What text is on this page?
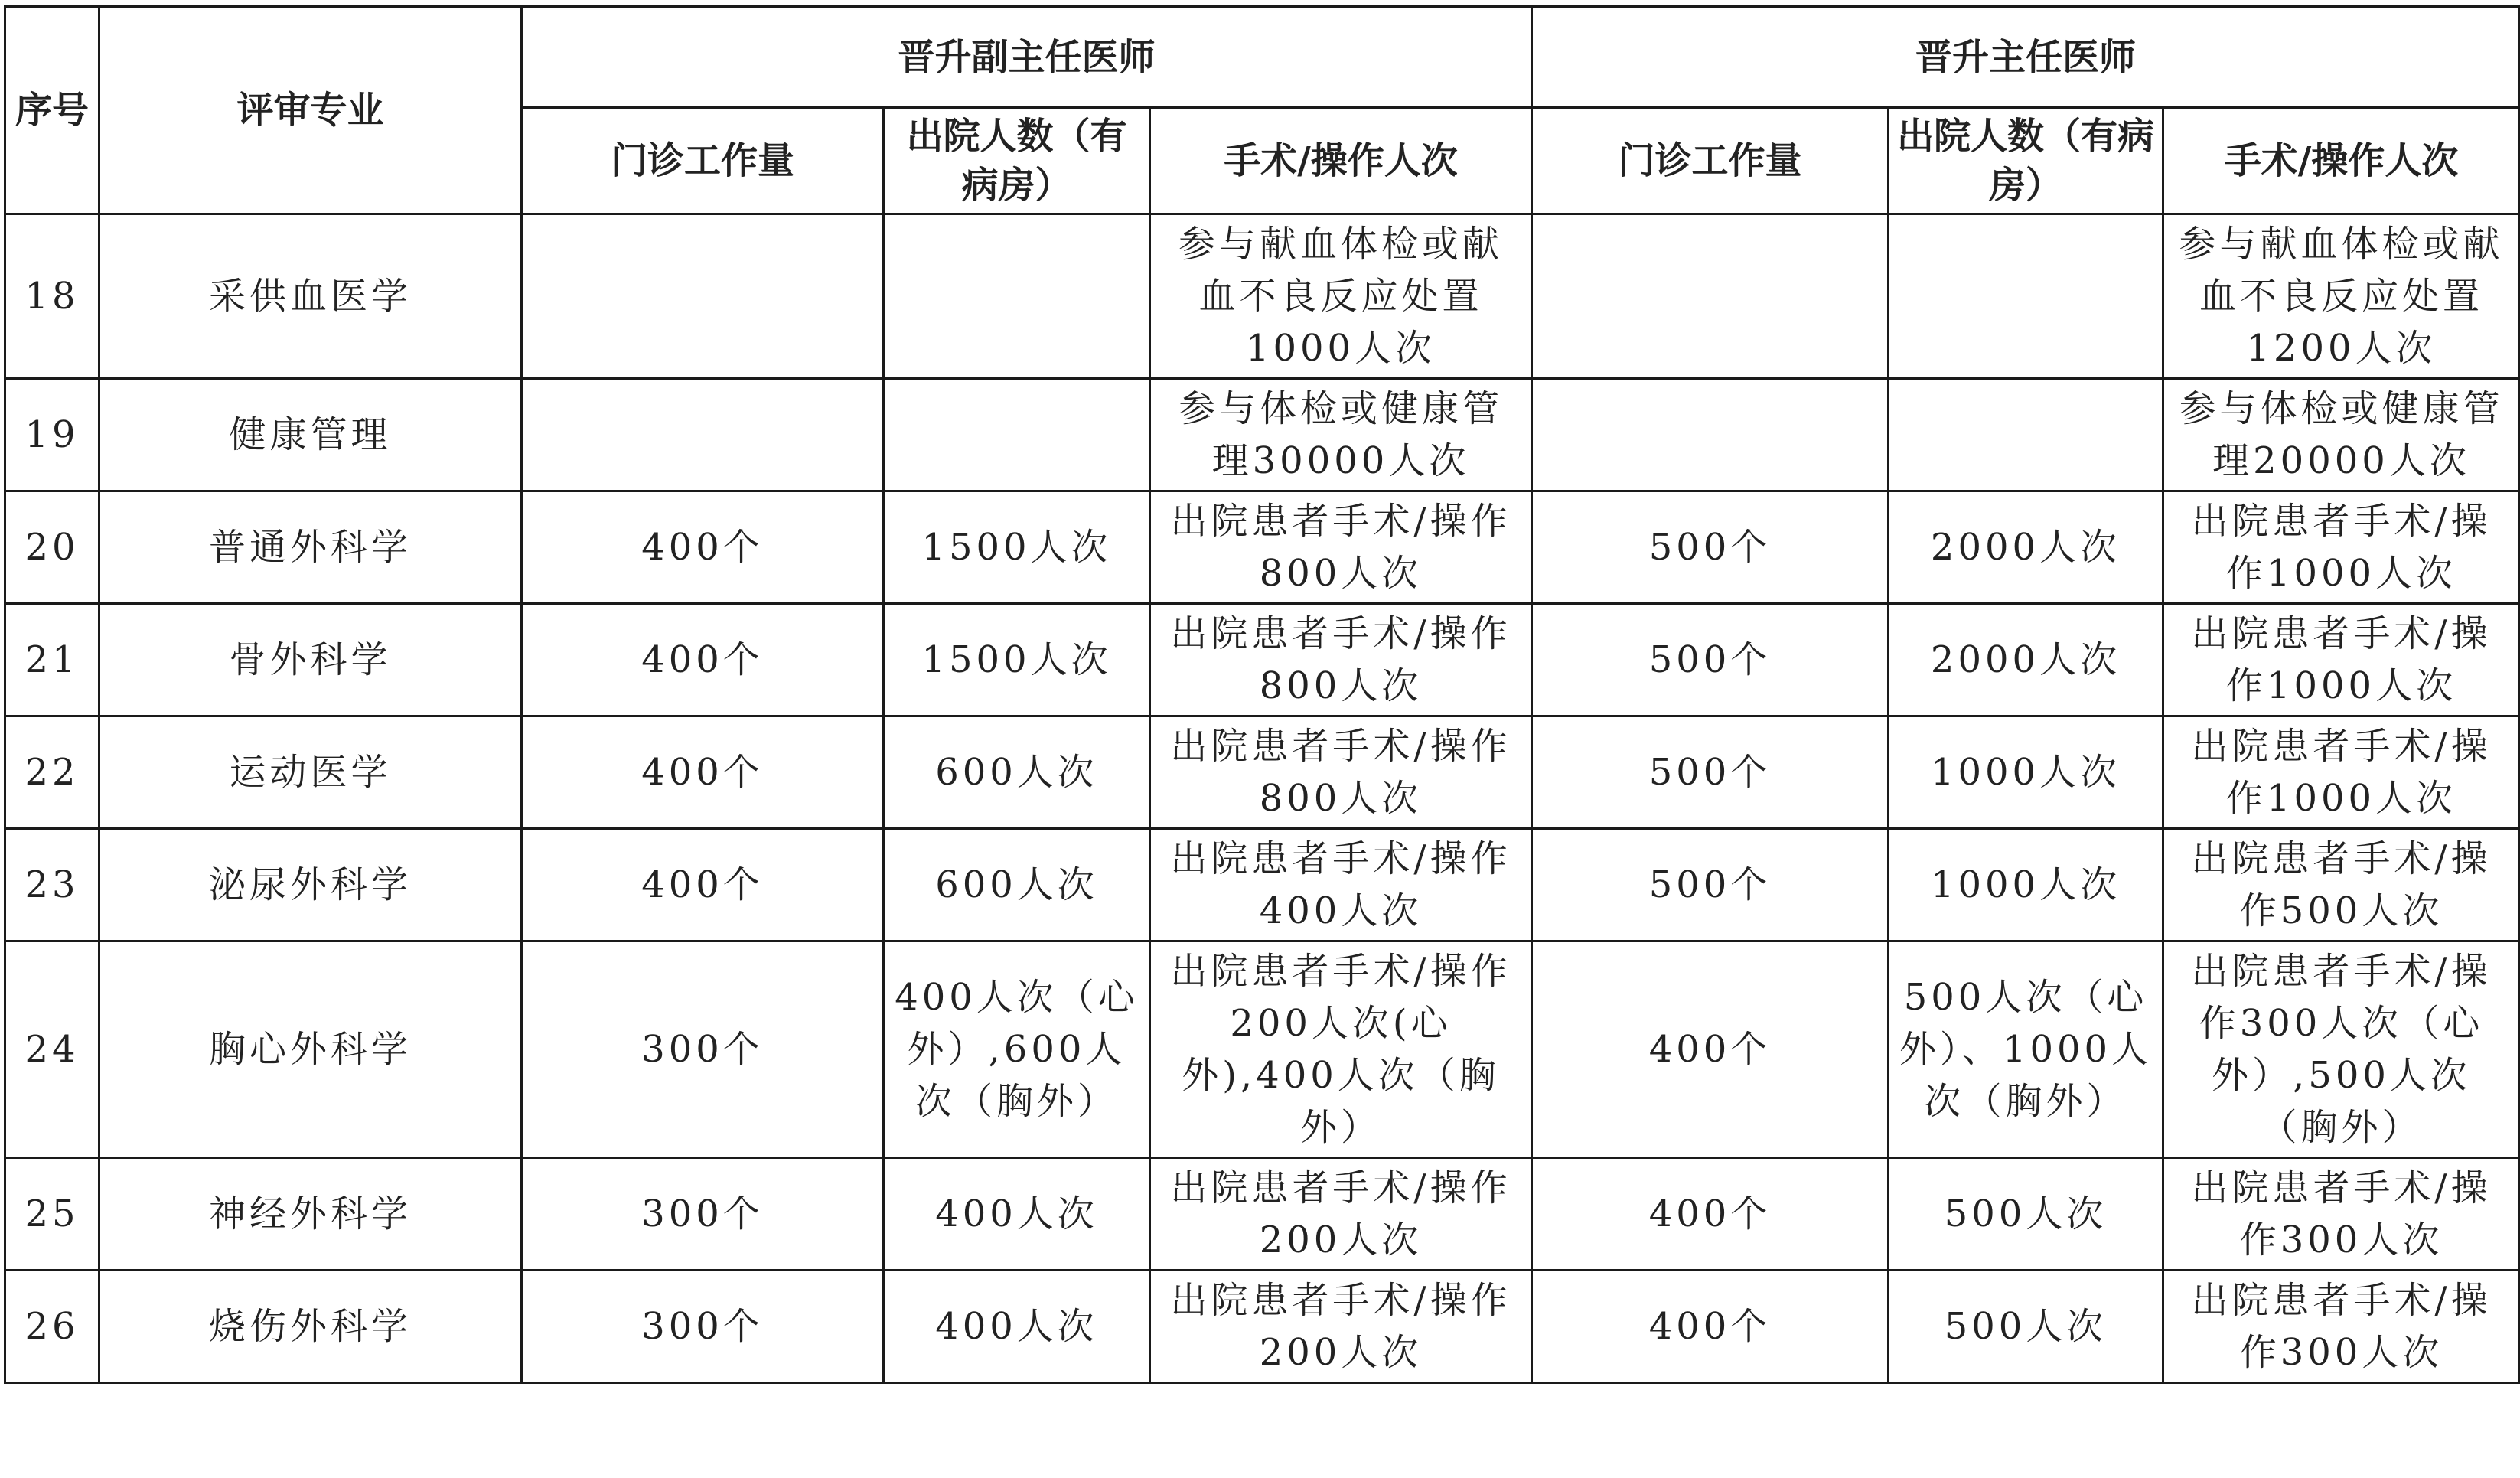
序号	评审专业	晋升副主任医师			晋升主任医师		
		门诊工作量	出院人数（有病房）	手术/操作人次	门诊工作量	出院人数（有病房）	手术/操作人次
18	采供血医学			参与献血体检或献血不良反应处置1000人次			参与献血体检或献血不良反应处置1200人次
19	健康管理			参与体检或健康管理30000人次			参与体检或健康管理20000人次
20	普通外科学	400个	1500人次	出院患者手术/操作800人次	500个	2000人次	出院患者手术/操作1000人次
21	骨外科学	400个	1500人次	出院患者手术/操作800人次	500个	2000人次	出院患者手术/操作1000人次
22	运动医学	400个	600人次	出院患者手术/操作800人次	500个	1000人次	出院患者手术/操作1000人次
23	泌尿外科学	400个	600人次	出院患者手术/操作400人次	500个	1000人次	出院患者手术/操作500人次
24	胸心外科学	300个	400人次（心外）,600人次（胸外）	出院患者手术/操作200人次(心外),400人次（胸外）	400个	500人次（心外）、1000人次（胸外）	出院患者手术/操作300人次（心外）,500人次（胸外）
25	神经外科学	300个	400人次	出院患者手术/操作200人次	400个	500人次	出院患者手术/操作300人次
26	烧伤外科学	300个	400人次	出院患者手术/操作200人次	400个	500人次	出院患者手术/操作300人次
